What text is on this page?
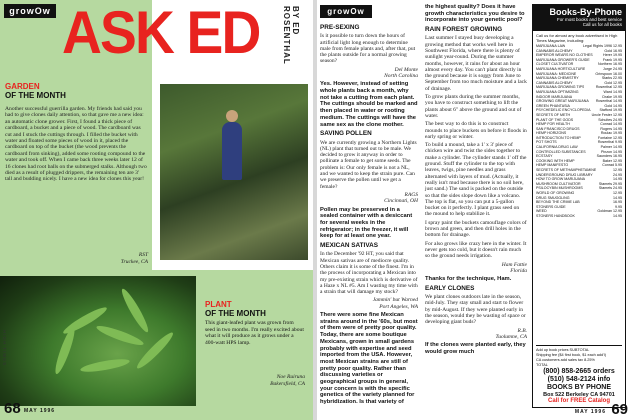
growOw ASK ED	BY ED ROSENTHAL
GARDEN
OF THE MONTH
Another successful guerrilla garden. My friends had said you had to give clones daily attention, so that gave me a new idea: an automatic clone grower. First, I found a thick piece of cardboard, a bucket and a piece of wood. The cardboard was cut and I stuck the cuttings through. I filled the bucket with water and floated some pieces of wood in it, placed the cardboard on top of the bucket (the wood prevents the cardboard from sinking), added some rooting compound to the water and took off. When I came back three weeks later 12 of 16 clones had root balls on the submerged stalks. Although two died as a result of plugged drippers, the remaining ten are 3' tall and budding nicely. I have a new idea for clones this year!
RST
Truckee, CA
PLANT
OF THE MONTH
This giant-leafed plant was grown from seed in two months. I'm really excited about what it will produce as it grows under a 400-watt HPS lamp.
Noe Ruiruna
Bakersfield, CA
HIGH TIMES
68 MAY 1996
growOw
PRE-SEXING
Is it possible to turn down the hours of artificial light long enough to determine male from female plants and, after that, put the plants outside for a normal growing season?
Del Monte
North Carolina
Yes. However, instead of setting whole plants back a month, why not take a cutting from each plant. The cuttings should be marked and then placed in water or rooting medium. The cuttings will have the same sex as the clone mother.
SAVING POLLEN
We are currently growing a Northern Lights (NL) plant that turned out to be male. We decided to grow it anyway in order to pollinate a female to get some seeds. The problem is: Our only female is not a NL, and we wanted to keep the strain pure. Can we preserve the pollen until we get a female?
RAGS
Cincinnati, OH
Pollen may be preserved in a sealed container with a desiccant for several weeks in the refrigerator; in the freezer, it will keep for at least one year.
MEXICAN SATIVAS
In the December '92 HT, you said that Mexican sativas are of mediocre quality. Others claim it is some of the finest. I'm in the process of incorporating a Mexican into my pre-existing strain which is derivative of a Haze x NL #5. Am I wasting my time with a strain that will damage my stock?
Jammin' but Warned
Port Angeles, WA
There were some fine Mexican strains around in the '60s, but most of them were of pretty poor quality. Today, there are some boutique Mexicans, grown in small gardens probably with expertise and seed imported from the USA. However, most Mexican strains are still of pretty poor quality. Rather than discussing varieties or geographical groups in general, your concern is with the specific genetics of the variety planned for hybridization. Is that variety of
the highest quality? Does it have growth characteristics you desire to incorporate into your genetic pool?
RAIN FOREST GROWING
Last summer I stayed busy developing a growing method that works well here in Southwest Florida, where there is plenty of sunlight year-round. During the summer months, however, it rains for about an hour almost every day. You can't plant directly in the ground because it is soggy from June to September from too much moisture and a lack of drainage.
To grow plants during the summer months, you have to construct something to lift the plants about 6" above the ground and out of water.
The best way to do this is to construct mounds to place buckets on before it floods in early spring or winter.
To build a mound, take a 1' x 3' piece of chicken wire and twist the sides together to make a cylinder. The cylinder stands 1' off the ground. Stuff the cylinder to the top with leaves, twigs, pine needles and grass alternated with layers of mud. (Actually, it really isn't mud because there is no soil here, just sand.) The sand is packed on the outside so that the sides slope down like a volcano. The top is flat, so you can put a 5-gallon bucket on it perfectly. I plant grass seed on the mound to help stabilize it.
I spray paint the buckets camouflage colors of brown and green, and then drill holes in the bottom for drainage.
For also grows like crazy here in the winter. It never gets too cold, but it doesn't rain much so the ground needs irrigation.
Ham Fattie
Florida
Thanks for the technique, Ham.
EARLY CLONES
We plant clones outdoors late in the season, mid-July. They stay small and start to flower by mid-August. If they were planted early in the season, would they be wasting of space or developing giant buds?
R.B.
Tuolumne, CA
If the clones were planted early, they would grow much
Books-By-Phone
For most books and best service
Call us for all books
Call us for almost any book advertised in High Times Magazine, including:
MARIJUANA LAW	Legal Rights 1996 12.95
CANNABIS ALCHEMY	Gold 16.95
EMPEROR WEARS NO CLOTHES	Herer 19.95
MARIJUANA GROWER'S GUIDE	Frank 19.95
CLOSET CULTIVATOR	Northern 16.95
MARIJUANA HORTICULTURE	Jorge 24.95
MARIJUANA: MEDICINE	Grinspoon 16.00
MARIJUANA CHEMISTRY	Starks 22.95
CANNABIS ALCHEMY	Gold 12.95
MARIJUANA GROWING TIPS	Rosenthal 12.95
MARIJUANA OPTIMIZING	Ward 14.95
INDOOR MARIJUANA	Drake 19.95
GROWING GREAT MARIJUANA Rosenthal 14.95
GREEN PHANTASIA	Gold 14.95
PSYCHEDELIC ENCYCLOPEDIA Stafford 19.95
SECRETS OF METH	Uncle Fester 12.95
PLANT OF THE GODS	Schultes 24.95
HEMP FOR HEALTH	Conrad 14.95
SAN FRANCISCO DRUGS	Rogers 14.95
HEMP HORIZONS	Roulac 19.95
INTRODUCTION TO HEMP	Fontaine 12.95
POT SHOTS	Rosenthal 9.95
CALIFORNIA DRUG LAW	Palmer 14.95
CONTROLLED SUBSTANCES	Pinzon 14.95
ECSTASY	Saunders 16.95
COOKING WITH HEMP	Baker 12.95
HEMP MANIFESTO	Conrad 5.95
SECRETS OF METHAMPHETAMINE	12.95
UNDERGROUND DRUG LIBRARY	24.95
HOW TO GROW MARIJUANA	14.95
MUSHROOM CULTIVATOR	Stamets 29.95
PSILOCYBIN MUSHROOMS	Stamets 24.95
WORLD OF GROWING	12.95
DRUG SMUGGLING	14.95
BEYOND THE CRIME LAB	16.95
STONERS GUIDE	9.95
WEED	Goldman 12.95
STONERS HANDBOOK	14.95
Add up book prices SUBTOTAL
Shipping fee ($4 first book, $1 each add'l)
CA customers add sales tax 8.25%
TOTAL
(800) 858-2665 orders
(510) 548-2124 info
BOOKS BY PHONE
Box 522 Berkeley CA 94701
Call for FREE Catalog
MAY 1996 69
